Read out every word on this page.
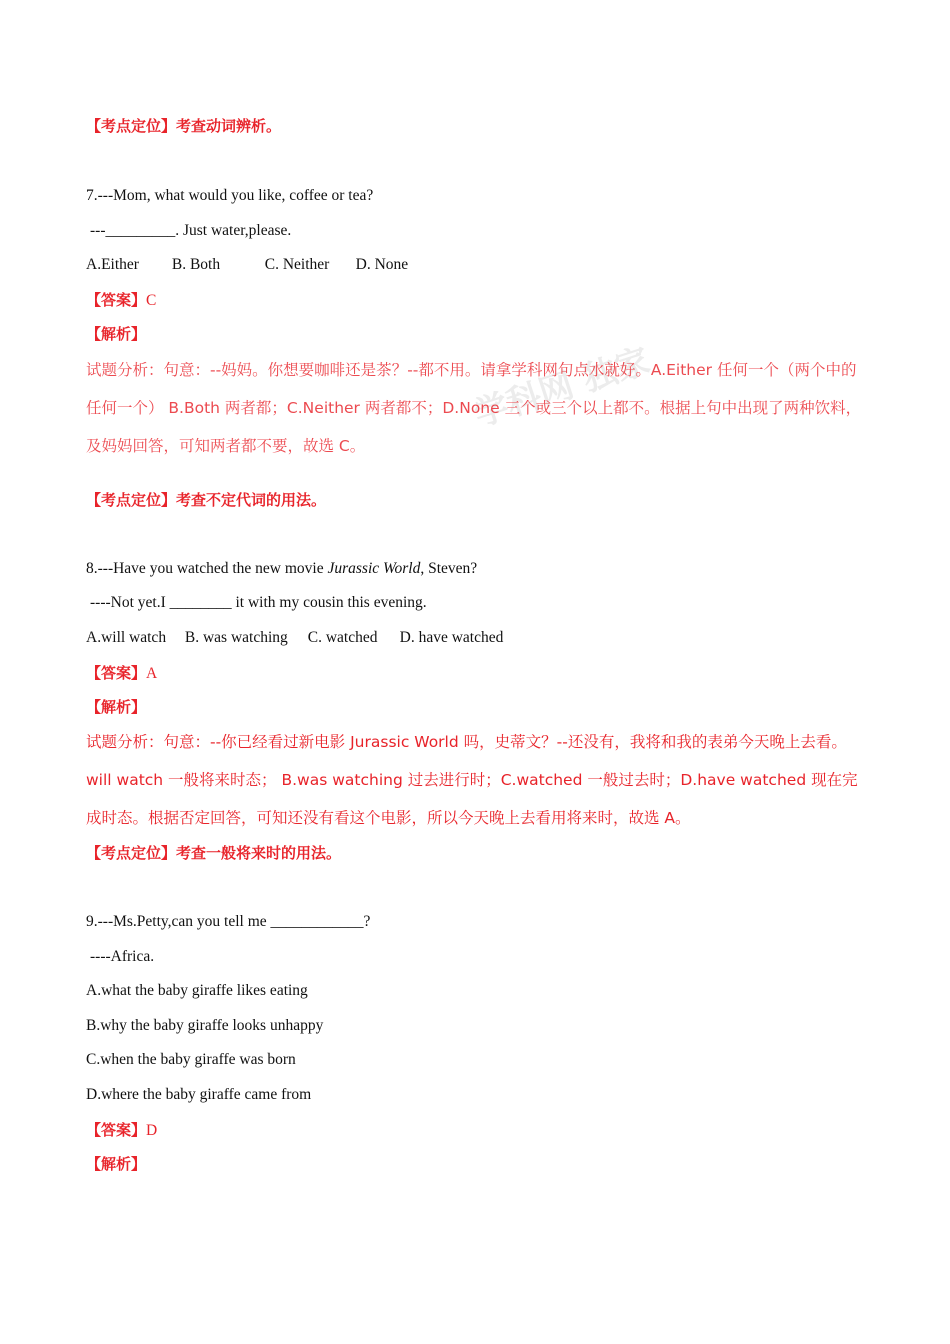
学科网 独家
【考点定位】考查动词辨析。
7.---Mom, what would you like, coffee or tea?
---_________. Just water,please.
A.Either B. Both	C. Neither D. None
【答案】C
【解析】
试题分析：句意：--妈妈。你想要咖啡还是茶？--都不用。请拿学科网句点水就好。A.Either 任何一个（两个中的任何一个） B.Both 两者都；C.Neither 两者都不；D.None 三个或三个以上都不。根据上句中出现了两种饮料，及妈妈回答，可知两者都不要，故选 C。
【考点定位】考查不定代词的用法。
8.---Have you watched the new movie Jurassic World, Steven?
----Not yet.I ________ it with my cousin this evening.
A.will watch B. was watching C. watched D. have watched
【答案】A
【解析】
试题分析：句意：--你已经看过新电影 Jurassic World 吗，史蒂文？--还没有，我将和我的表弟今天晚上去看。will watch 一般将来时态； B.was watching 过去进行时；C.watched 一般过去时；D.have watched 现在完成时态。根据否定回答，可知还没有看这个电影，所以今天晚上去看用将来时，故选 A。
【考点定位】考查一般将来时的用法。
9.---Ms.Petty,can you tell me ____________?
----Africa.
A.what the baby giraffe likes eating
B.why the baby giraffe looks unhappy
C.when the baby giraffe was born
D.where the baby giraffe came from
【答案】D
【解析】
